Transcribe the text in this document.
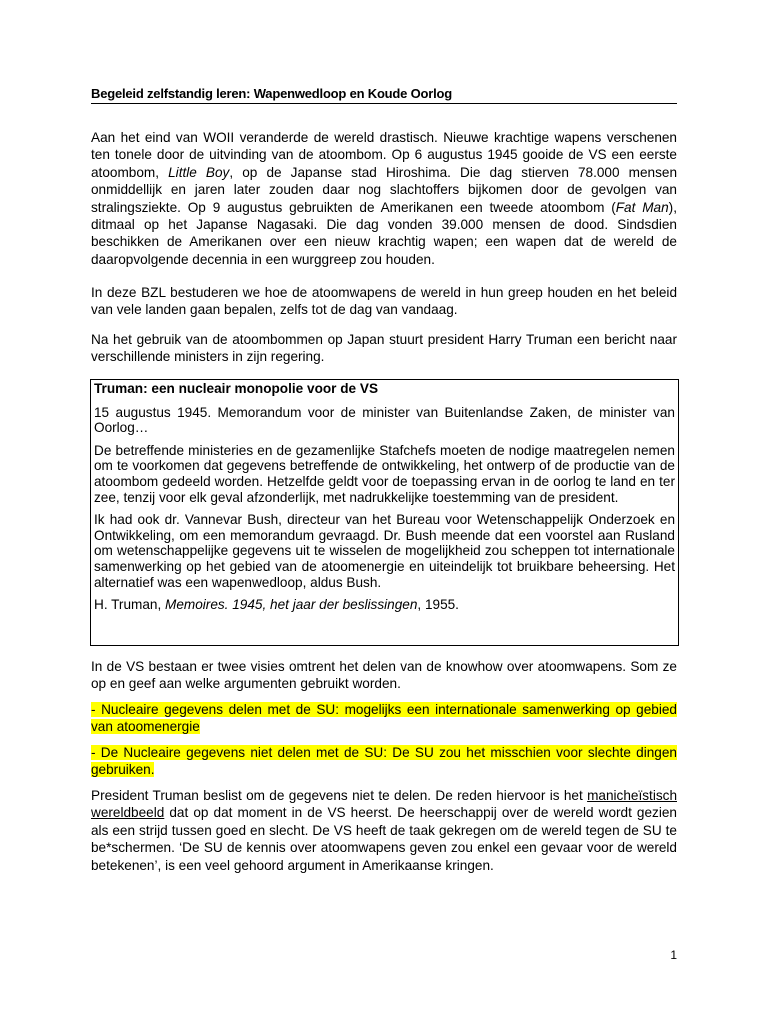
Begeleid zelfstandig leren: Wapenwedloop en Koude Oorlog

Aan het eind van WOII veranderde de wereld drastisch. Nieuwe krachtige wapens verschenen ten tonele door de uitvinding van de atoombom. Op 6 augustus 1945 gooide de VS een eerste atoombom, Little Boy, op de Japanse stad Hiroshima. Die dag stierven 78.000 mensen onmiddellijk en jaren later zouden daar nog slachtoffers bijkomen door de gevolgen van stralingsziekte. Op 9 augustus gebruikten de Amerikanen een tweede atoombom (Fat Man), ditmaal op het Japanse Nagasaki. Die dag vonden 39.000 mensen de dood. Sindsdien beschikken de Amerikanen over een nieuw krachtig wapen; een wapen dat de wereld de daaropvolgende decennia in een wurggreep zou houden.

In deze BZL bestuderen we hoe de atoomwapens de wereld in hun greep houden en het beleid van vele landen gaan bepalen, zelfs tot de dag van vandaag.

Na het gebruik van de atoombommen op Japan stuurt president Harry Truman een bericht naar verschillende ministers in zijn regering.

Truman: een nucleair monopolie voor de VS

15 augustus 1945. Memorandum voor de minister van Buitenlandse Zaken, de minister van Oorlog…

De betreffende ministeries en de gezamenlijke Stafchefs moeten de nodige maatregelen nemen om te voorkomen dat gegevens betreffende de ontwikkeling, het ontwerp of de productie van de atoombom gedeeld worden. Hetzelfde geldt voor de toepassing ervan in de oorlog te land en ter zee, tenzij voor elk geval afzonderlijk, met nadrukkelijke toestemming van de president.

Ik had ook dr. Vannevar Bush, directeur van het Bureau voor Wetenschappelijk Onderzoek en Ontwikkeling, om een memorandum gevraagd. Dr. Bush meende dat een voorstel aan Rusland om wetenschappelijke gegevens uit te wisselen de mogelijkheid zou scheppen tot internationale samenwerking op het gebied van de atoomenergie en uiteindelijk tot bruikbare beheersing. Het alternatief was een wapenwedloop, aldus Bush.

H. Truman, Memoires. 1945, het jaar der beslissingen, 1955.

In de VS bestaan er twee visies omtrent het delen van de knowhow over atoomwapens. Som ze op en geef aan welke argumenten gebruikt worden.

- Nucleaire gegevens delen met de SU: mogelijks een internationale samenwerking op gebied van atoomenergie

- De Nucleaire gegevens niet delen met de SU: De SU zou het misschien voor slechte dingen gebruiken.

President Truman beslist om de gegevens niet te delen. De reden hiervoor is het manicheïstisch wereldbeeld dat op dat moment in de VS heerst. De heerschappij over de wereld wordt gezien als een strijd tussen goed en slecht. De VS heeft de taak gekregen om de wereld tegen de SU te be*schermen. ‘De SU de kennis over atoomwapens geven zou enkel een gevaar voor de wereld betekenen’, is een veel gehoord argument in Amerikaanse kringen.

1
